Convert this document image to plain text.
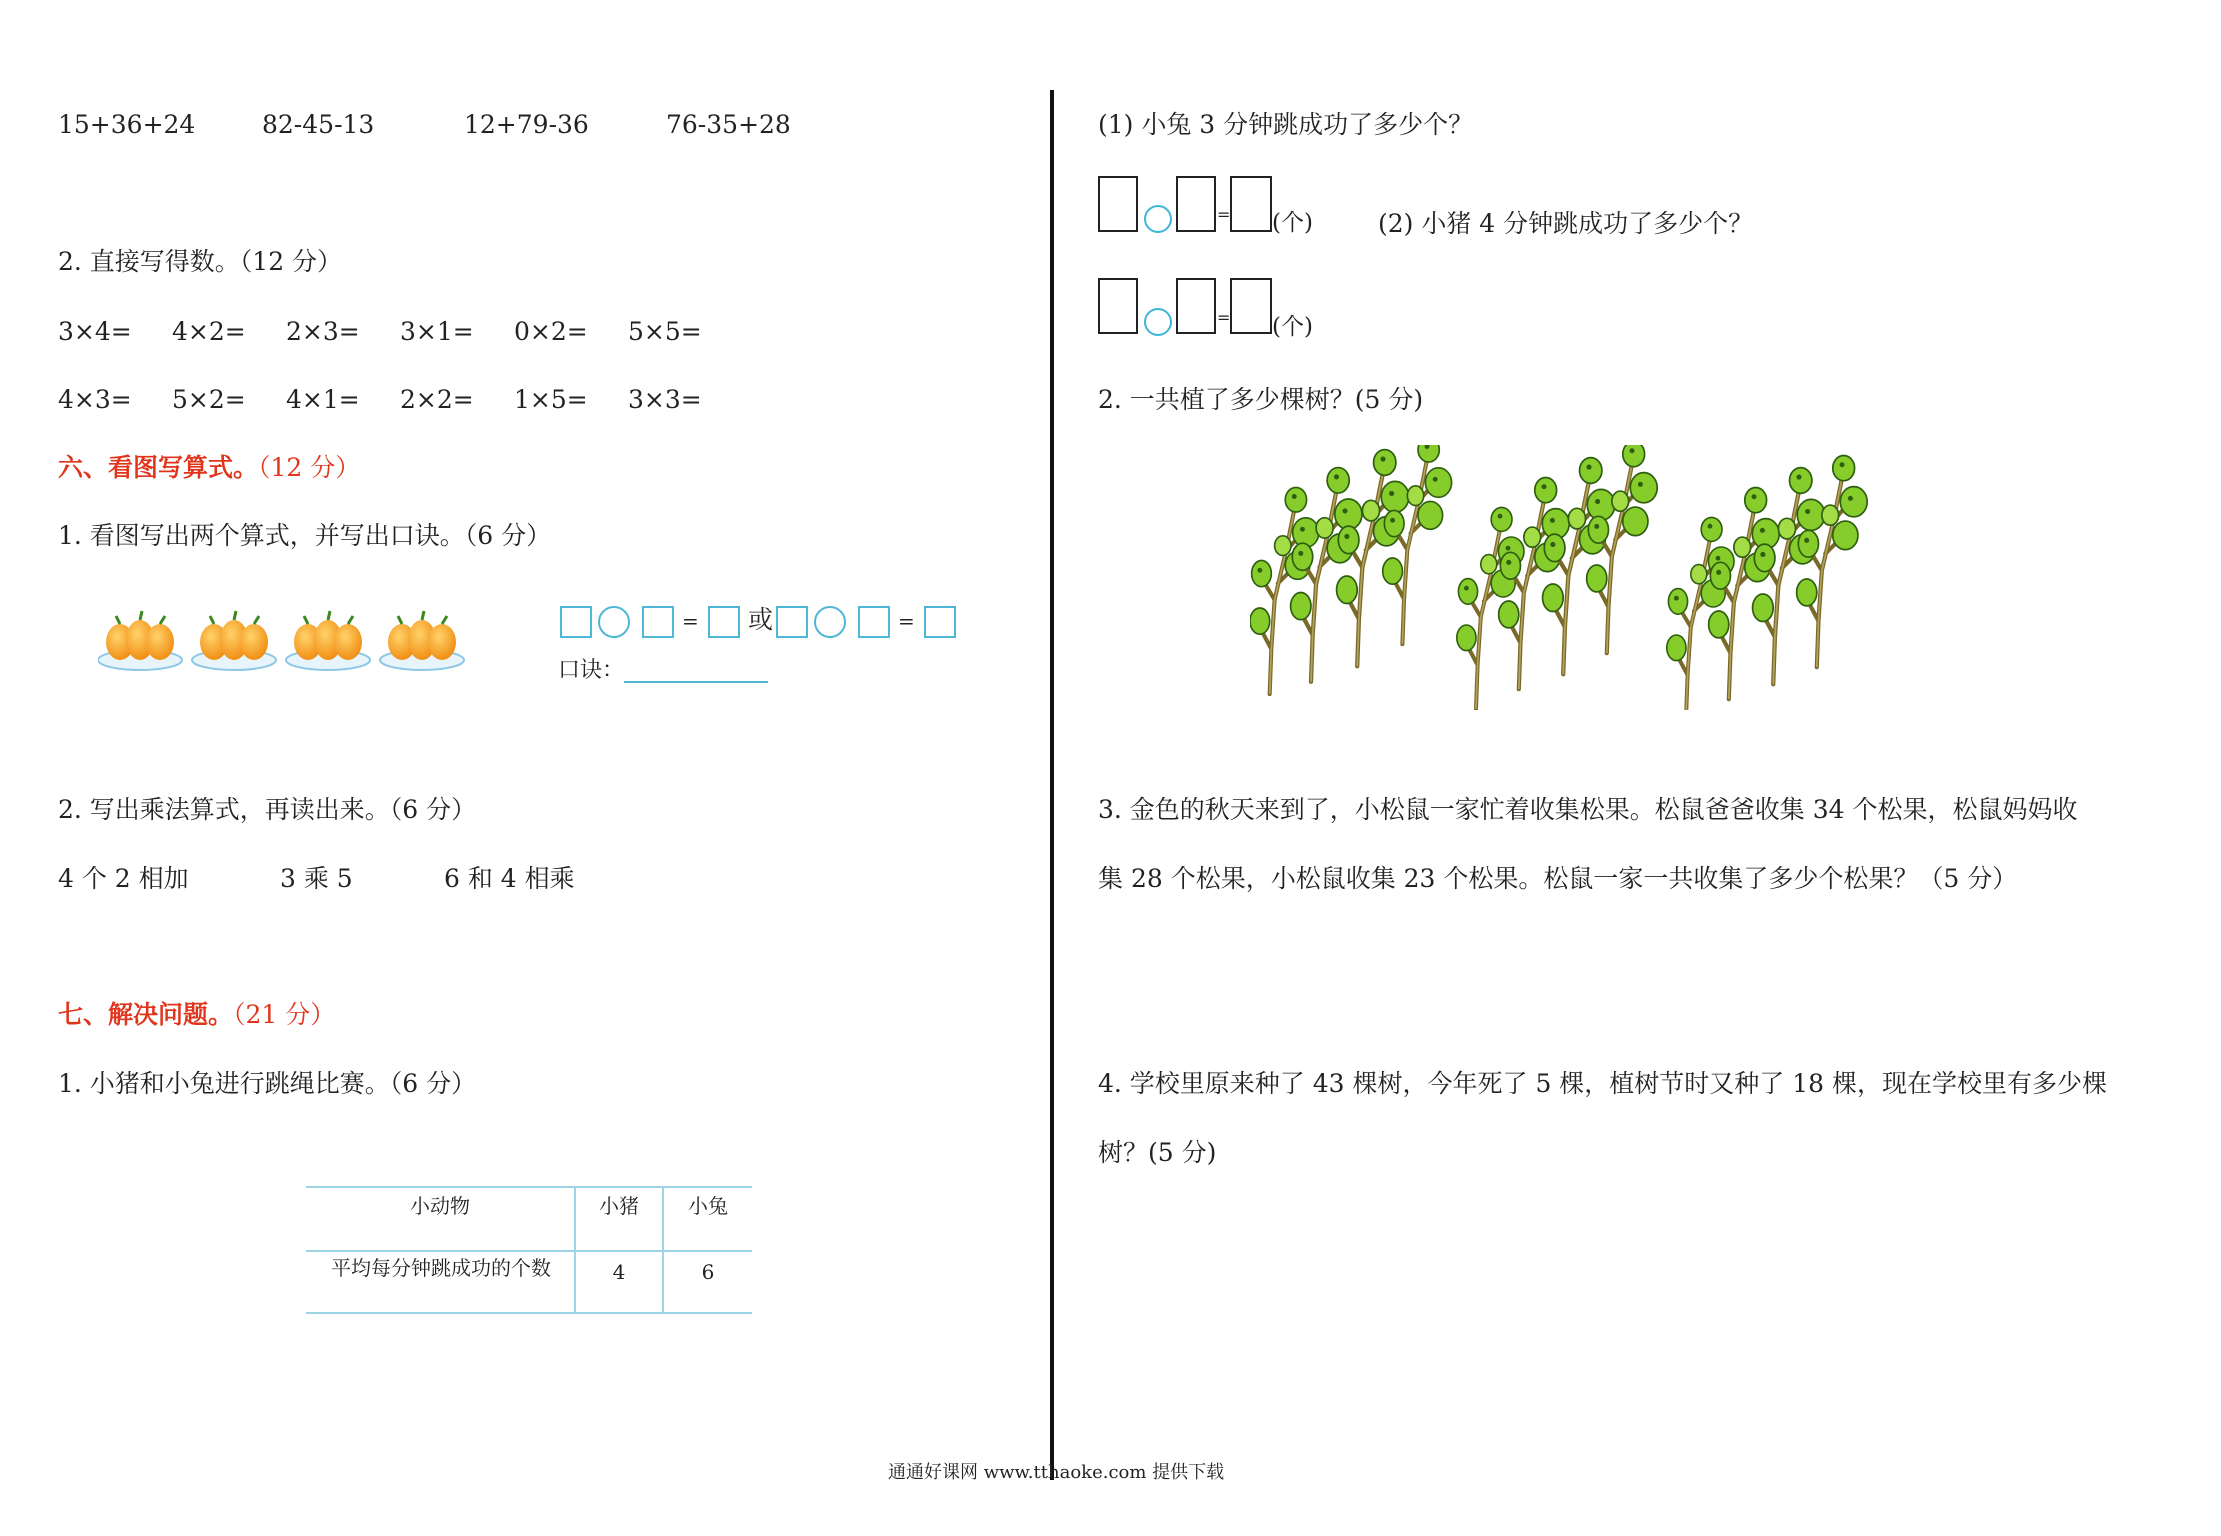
15+36+24	82-45-13	12+79-36	76-35+28
2. 直接写得数。（12 分）
3×4= 4×2= 2×3= 3×1= 0×2= 5×5=
4×3= 5×2= 4×1= 2×2= 1×5= 3×3=
六、看图写算式。（12 分）
1. 看图写出两个算式，并写出口诀。（6 分）
= 或	=
口诀：
2. 写出乘法算式，再读出来。（6 分）
4 个 2 相加	3 乘 5	6 和 4 相乘
七、解决问题。（21 分）
1. 小猪和小兔进行跳绳比赛。（6 分）
小动物	小猪	小兔
平均每分钟跳成功的个数	4	6
(1) 小兔 3 分钟跳成功了多少个？
= (个)	(2) 小猪 4 分钟跳成功了多少个？
= (个)
2. 一共植了多少棵树？(5 分)
3. 金色的秋天来到了，小松鼠一家忙着收集松果。松鼠爸爸收集 34 个松果，松鼠妈妈收
集 28 个松果，小松鼠收集 23 个松果。松鼠一家一共收集了多少个松果？（5 分）
4. 学校里原来种了 43 棵树，今年死了 5 棵，植树节时又种了 18 棵，现在学校里有多少棵
树？(5 分)
通通好课网 www.tthaoke.com 提供下载
